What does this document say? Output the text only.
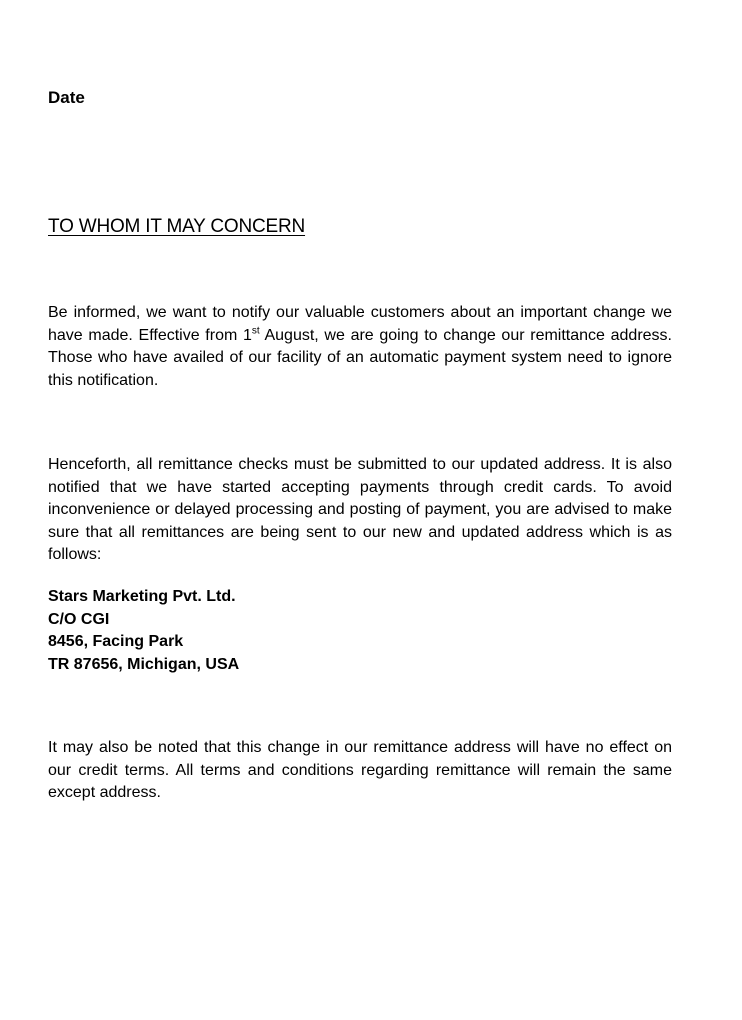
Date

TO WHOM IT MAY CONCERN

Be informed, we want to notify our valuable customers about an important change we have made. Effective from 1st August, we are going to change our remittance address. Those who have availed of our facility of an automatic payment system need to ignore this notification.

Henceforth, all remittance checks must be submitted to our updated address. It is also notified that we have started accepting payments through credit cards. To avoid inconvenience or delayed processing and posting of payment, you are advised to make sure that all remittances are being sent to our new and updated address which is as follows:

Stars Marketing Pvt. Ltd.
C/O CGI
8456, Facing Park
TR 87656, Michigan, USA

It may also be noted that this change in our remittance address will have no effect on our credit terms. All terms and conditions regarding remittance will remain the same except address.
